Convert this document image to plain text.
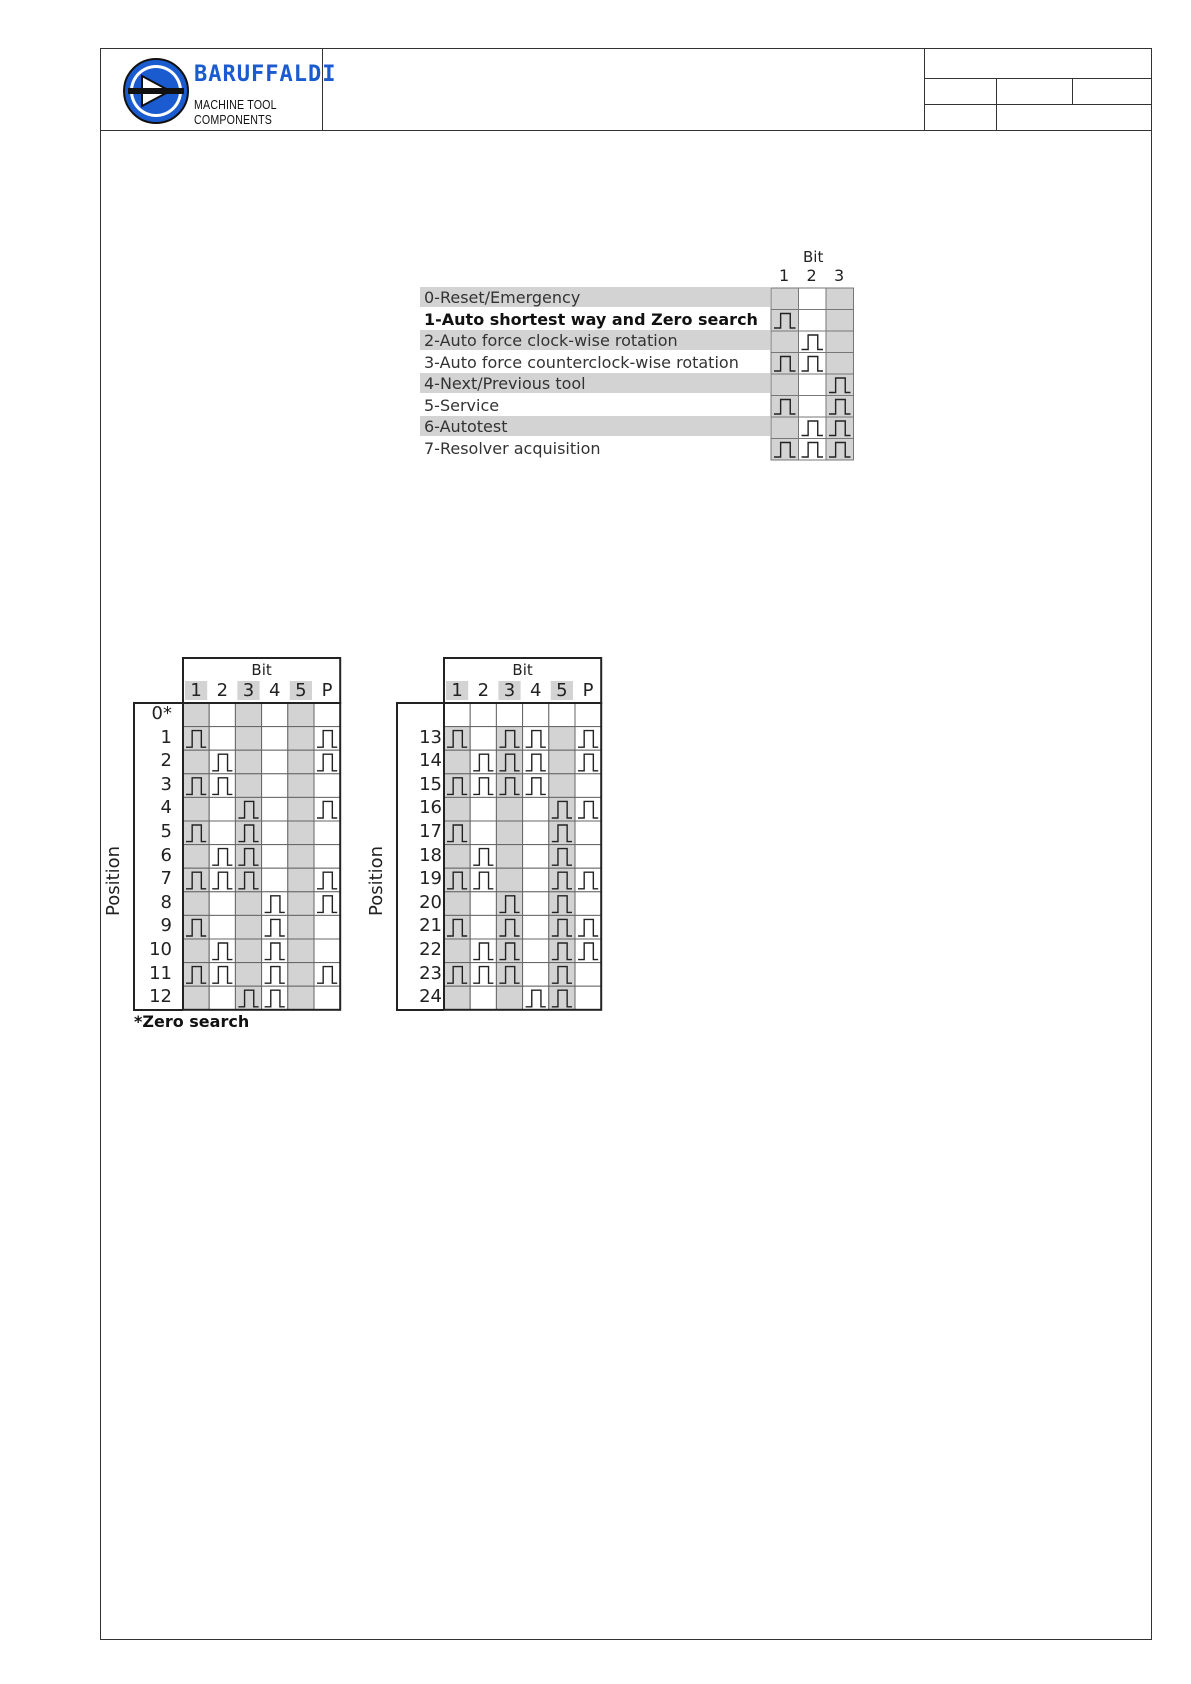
BARUFFALDI
MACHINE TOOL COMPONENTS
0-Reset/Emergency
1-Auto shortest way and Zero search
2-Auto force clock-wise rotation
3-Auto force counterclock-wise rotation
4-Next/Previous tool
5-Service
6-Autotest
7-Resolver acquisition
Bit
1 2 3
Bit
1 2 3 4 5 P
Position
0*
1
2
3
4
5
6
7
8
9
10
11
12
Bit
1 2 3 4 5 P
Position
13
14
15
16
17
18
19
20
21
22
23
24
*Zero search
